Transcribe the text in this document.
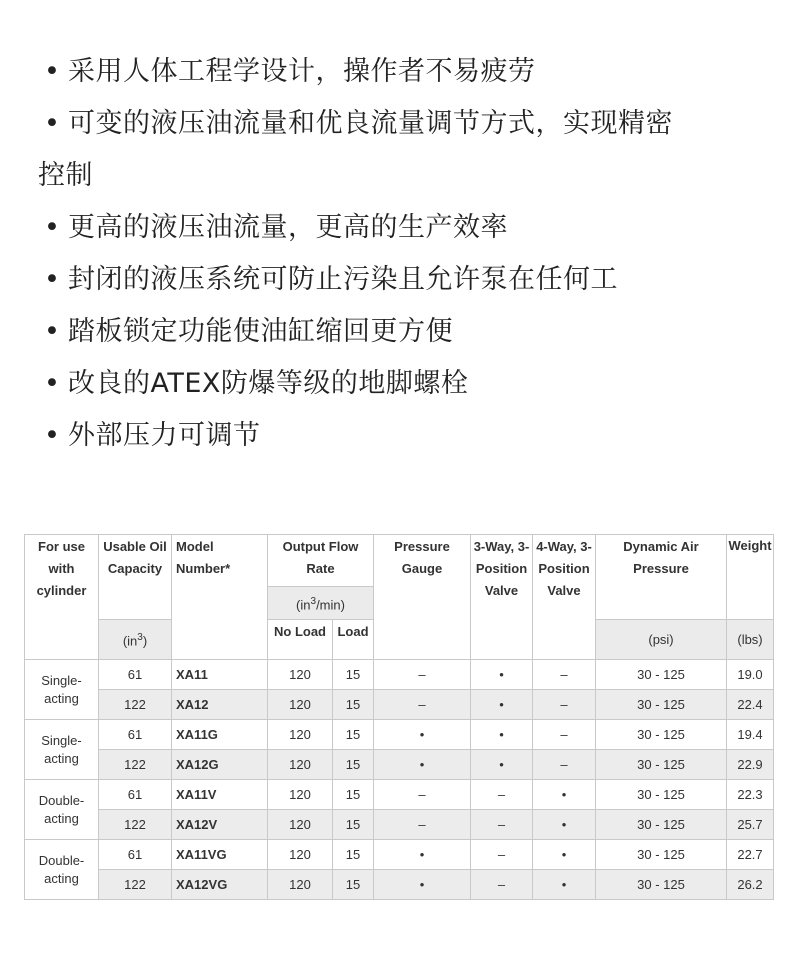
• 采用人体工程学设计，操作者不易疲劳
• 可变的液压油流量和优良流量调节方式，实现精密
控制
• 更高的液压油流量，更高的生产效率
• 封闭的液压系统可防止污染且允许泵在任何工
• 踏板锁定功能使油缸缩回更方便
• 改良的ATEX防爆等级的地脚螺栓
• 外部压力可调节
For use with cylinder	Usable Oil Capacity	Model Number*	Output Flow Rate		Pressure Gauge	3-Way, 3-Position Valve	4-Way, 3-Position Valve	Dynamic Air Pressure	Weight
			$(in^3/\min)$						
	$(in^3)$		No Load	Load				(psi)	(lbs)
Single-acting	61	XA11	120	15	–	•	–	30 - 125	19.0
	122	XA12	120	15	–	•	–	30 - 125	22.4
Single-acting	61	XA11G	120	15	•	•	–	30 - 125	19.4
	122	XA12G	120	15	•	•	–	30 - 125	22.9
Double-acting	61	XA11V	120	15	–	–	•	30 - 125	22.3
	122	XA12V	120	15	–	–	•	30 - 125	25.7
Double-acting	61	XA11VG	120	15	•	–	•	30 - 125	22.7
	122	XA12VG	120	15	•	–	•	30 - 125	26.2
